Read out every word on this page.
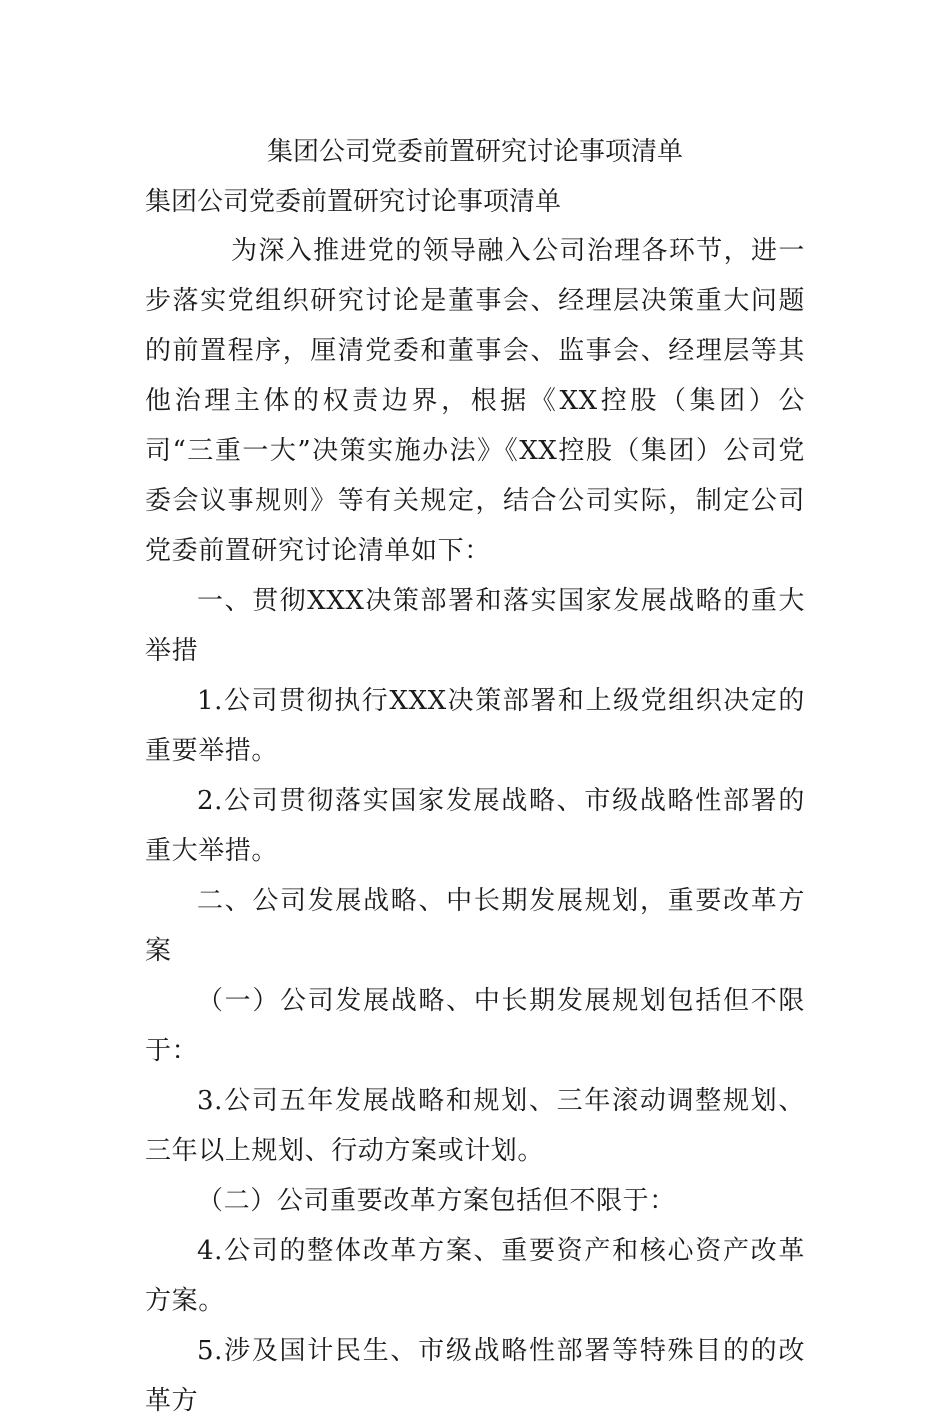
集团公司党委前置研究讨论事项清单
集团公司党委前置研究讨论事项清单

为深入推进党的领导融入公司治理各环节，进一步落实党组织研究讨论是董事会、经理层决策重大问题的前置程序，厘清党委和董事会、监事会、经理层等其他治理主体的权责边界，根据《XX控股（集团）公司“三重一大”决策实施办法》《XX控股（集团）公司党委会议事规则》等有关规定，结合公司实际，制定公司党委前置研究讨论清单如下：

一、贯彻XXX决策部署和落实国家发展战略的重大举措

1.公司贯彻执行XXX决策部署和上级党组织决定的重要举措。

2.公司贯彻落实国家发展战略、市级战略性部署的重大举措。

二、公司发展战略、中长期发展规划，重要改革方案

（一）公司发展战略、中长期发展规划包括但不限于：

3.公司五年发展战略和规划、三年滚动调整规划、三年以上规划、行动方案或计划。

（二）公司重要改革方案包括但不限于：

4.公司的整体改革方案、重要资产和核心资产改革方案。

5.涉及国计民生、市级战略性部署等特殊目的的改革方
